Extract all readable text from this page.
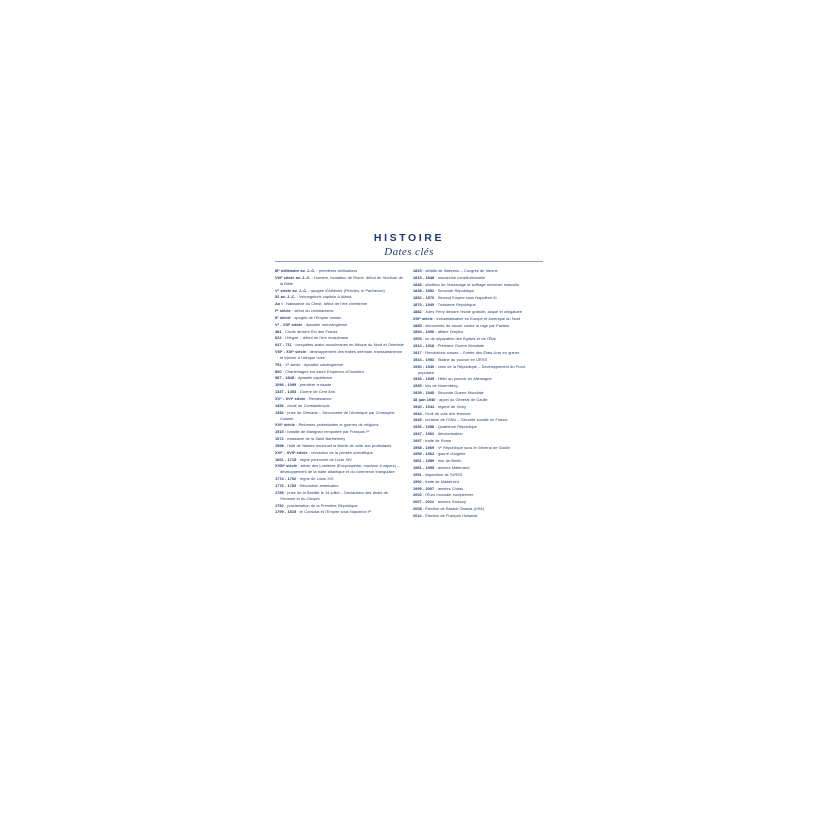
HISTOIRE
Dates clés
IIIᵉ millénaire av. J.-C. : premières civilisations
VIIIᵉ siècle av. J.-C. : Homère, fondation de Rome, début de l'écriture de la Bible
Vᵉ siècle av. J.-C. : apogée d'Athènes (Périclès, le Parthénon)
52 av. J.-C. : Vercingétorix capitule à Alésia
An I : Naissance du Christ, début de l'ère chrétienne
Iᵉʳ siècle : début du christianisme
IIᵉ siècle : apogée de l'Empire romain
Vᵉ - VIIIᵉ siècle : dynastie mérovingienne
481 : Clovis devient Roi des Francs
622 : l'Hégire – début de l'ère musulmane
647 - 711 : conquêtes arabo-musulmanes en Afrique du Nord et Orientale
VIIIᵉ - XIXᵉ siècle : développement des traites orientale, transsaharienne et interne à l'Afrique noire
751 : Xᵉ siècle : dynastie carolingienne
800 : Charlemagne est sacré Empereur d'Occident
987 - 1848 : dynastie capétienne
1096 - 1099 : première croisade
1337 - 1453 : Guerre de Cent Ans
XVᵉ - XVIᵉ siècle : Renaissance
1453 : chute de Constantinople
1492 : prise de Grenade – Découverte de l'Amérique par Christophe Colomb
XVIᵉ siècle : Réformes protestantes et guerres de religions
1515 : bataille de Marignan remportée par François Iᵉʳ
1572 : massacre de la Saint Barthélemy
1598 : l'édit de Nantes reconnaît la liberté de culte aux protestants
XVIᵉ - XVIIᵉ siècle : révolution de la pensée scientifique
1661 - 1715 : règne personnel de Louis XIV
XVIIIᵉ siècle : siècle des Lumières (Encyclopédie, machine à vapeur) – développement de la traite atlantique et du commerce triangulaire
1774 - 1792 : règne de Louis XVI
1776 - 1783 : Révolution américaine
1789 : prise de la Bastille le 14 juillet – Déclaration des droits de l'Homme et du Citoyen
1792 : proclamation de la Première République
1799 - 1815 : le Consulat et l'Empire sous Napoléon Iᵉʳ
1815 : défaite de Waterloo – Congrès de Vienne
1815 - 1848 : monarchie constitutionnelle
1848 : abolition de l'esclavage et suffrage universel masculin
1848 - 1852 : Seconde République
1852 - 1870 : Second Empire sous Napoléon III
1870 - 1940 : Troisième République
1882 : Jules Ferry déclare l'école gratuite, laïque et obligatoire
XIXᵉ siècle : industrialisation en Europe et Amérique du Nord
1885 : découverte du vaccin contre la rage par Pasteur
1894 - 1906 : affaire Dreyfus
1905 : loi de séparation des Églises et de l'État
1914 - 1918 : Première Guerre Mondiale
1917 : Révolutions russes – Entrée des États-Unis en guerre
1924 - 1953 : Staline au pouvoir en URSS
1930 - 1940 : crise de la République – Développement du Front populaire
1933 - 1945 : Hitler au pouvoir en Allemagne
1935 : lois de Nuremberg
1939 - 1945 : Seconde Guerre Mondiale
18 juin 1940 : appel du Général de Gaulle
1940 - 1944 : régime de Vichy
1944 : Droit de vote des femmes
1945 : création de l'ONU – Sécurité sociale en France
1946 - 1958 : Quatrième République
1947 - 1962 : décolonisation
1957 : traité de Rome
1958 - 1969 : Vᵉ République sous le Général de Gaulle
1959 - 1962 : guerre d'Algérie
1961 - 1989 : mur de Berlin
1981 - 1995 : années Mitterrand
1991 : disparition de l'URSS
1992 : traité de Maastricht
1995 - 2007 : années Chirac
2002 : l'Euro monnaie européenne
2007 - 2012 : années Sarkozy
2008 : Élection de Barack Obama (USA)
2012 : Élection de François Hollande
